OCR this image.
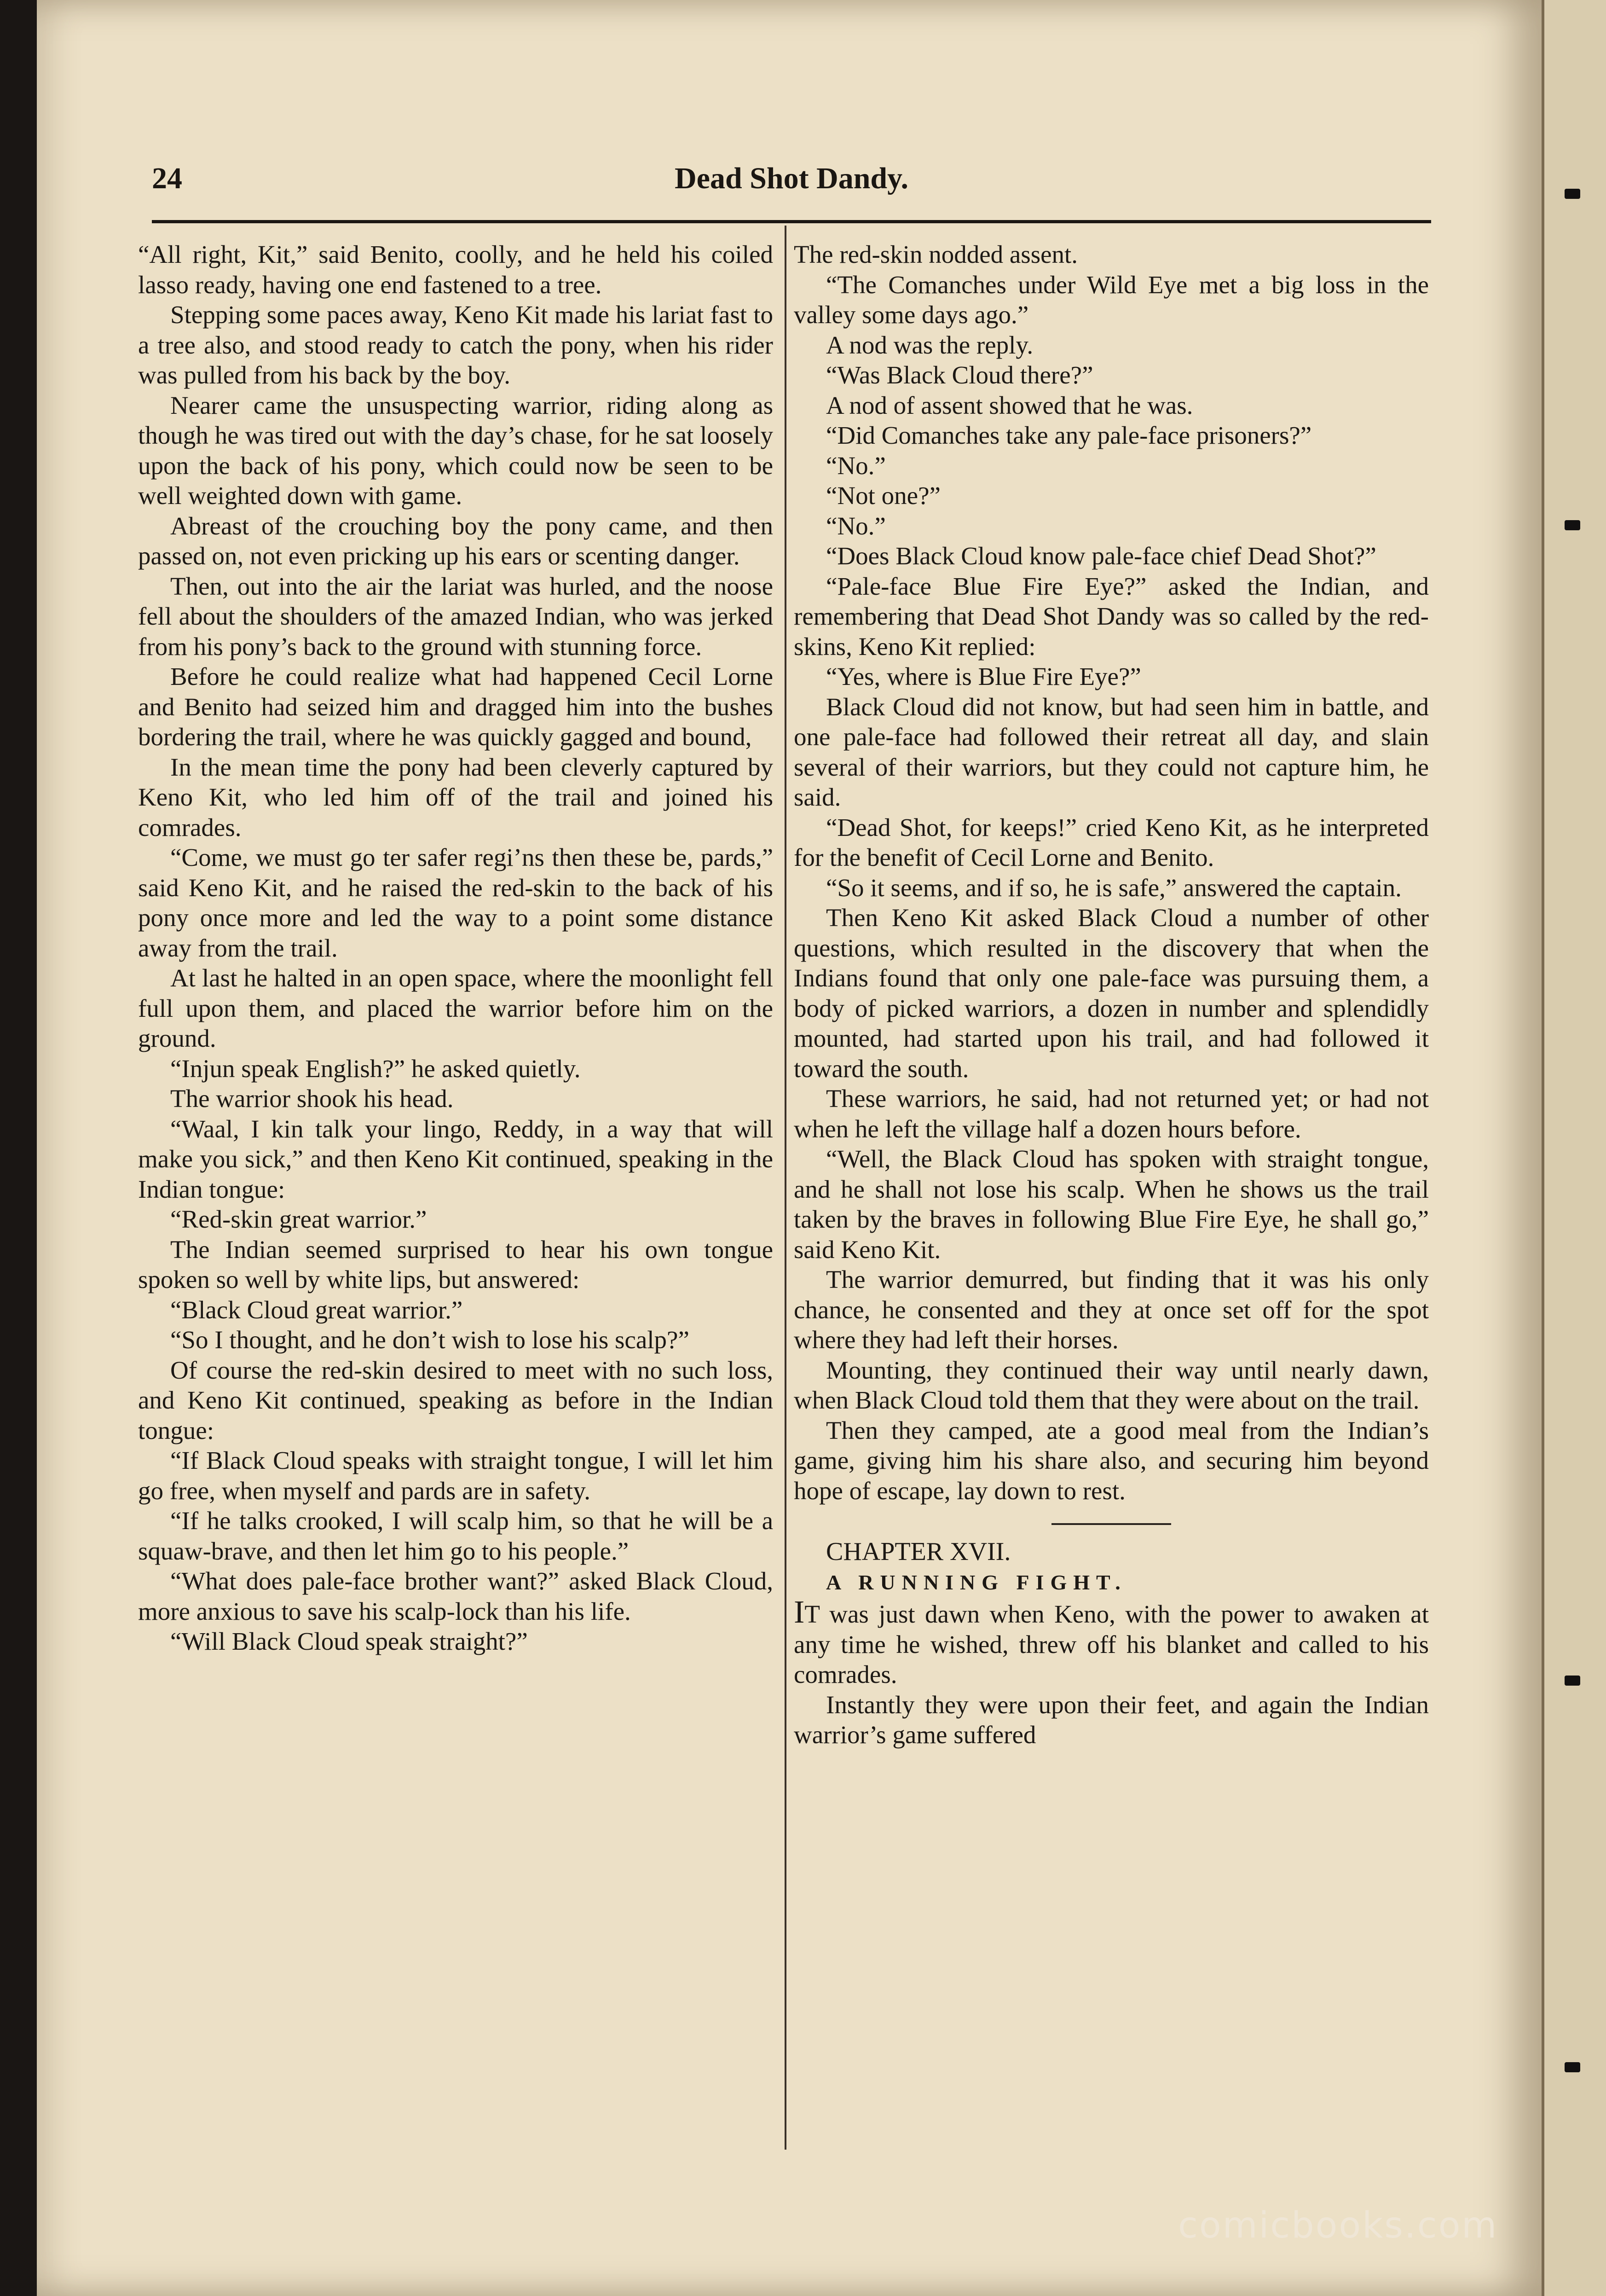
24	Dead Shot Dandy.

“All right, Kit,” said Benito, coolly, and he held his coiled lasso ready, having one end fastened to a tree.

Stepping some paces away, Keno Kit made his lariat fast to a tree also, and stood ready to catch the pony, when his rider was pulled from his back by the boy.

Nearer came the unsuspecting warrior, riding along as though he was tired out with the day’s chase, for he sat loosely upon the back of his pony, which could now be seen to be well weighted down with game.

Abreast of the crouching boy the pony came, and then passed on, not even pricking up his ears or scenting danger.

Then, out into the air the lariat was hurled, and the noose fell about the shoulders of the amazed Indian, who was jerked from his pony’s back to the ground with stunning force.

Before he could realize what had happened Cecil Lorne and Benito had seized him and dragged him into the bushes bordering the trail, where he was quickly gagged and bound,

In the mean time the pony had been cleverly captured by Keno Kit, who led him off of the trail and joined his comrades.

“Come, we must go ter safer regi’ns then these be, pards,” said Keno Kit, and he raised the red-skin to the back of his pony once more and led the way to a point some distance away from the trail.

At last he halted in an open space, where the moonlight fell full upon them, and placed the warrior before him on the ground.

“Injun speak English?” he asked quietly.

The warrior shook his head.

“Waal, I kin talk your lingo, Reddy, in a way that will make you sick,” and then Keno Kit continued, speaking in the Indian tongue:

“Red-skin great warrior.”

The Indian seemed surprised to hear his own tongue spoken so well by white lips, but answered:

“Black Cloud great warrior.”

“So I thought, and he don’t wish to lose his scalp?”

Of course the red-skin desired to meet with no such loss, and Keno Kit continued, speaking as before in the Indian tongue:

“If Black Cloud speaks with straight tongue, I will let him go free, when myself and pards are in safety.

“If he talks crooked, I will scalp him, so that he will be a squaw-brave, and then let him go to his people.”

“What does pale-face brother want?” asked Black Cloud, more anxious to save his scalp-lock than his life.

“Will Black Cloud speak straight?”

The red-skin nodded assent.

“The Comanches under Wild Eye met a big loss in the valley some days ago.”

A nod was the reply.

“Was Black Cloud there?”

A nod of assent showed that he was.

“Did Comanches take any pale-face prisoners?”

“No.”

“Not one?”

“No.”

“Does Black Cloud know pale-face chief Dead Shot?”

“Pale-face Blue Fire Eye?” asked the Indian, and remembering that Dead Shot Dandy was so called by the red-skins, Keno Kit replied:

“Yes, where is Blue Fire Eye?”

Black Cloud did not know, but had seen him in battle, and one pale-face had followed their retreat all day, and slain several of their warriors, but they could not capture him, he said.

“Dead Shot, for keeps!” cried Keno Kit, as he interpreted for the benefit of Cecil Lorne and Benito.

“So it seems, and if so, he is safe,” answered the captain.

Then Keno Kit asked Black Cloud a number of other questions, which resulted in the discovery that when the Indians found that only one pale-face was pursuing them, a body of picked warriors, a dozen in number and splendidly mounted, had started upon his trail, and had followed it toward the south.

These warriors, he said, had not returned yet; or had not when he left the village half a dozen hours before.

“Well, the Black Cloud has spoken with straight tongue, and he shall not lose his scalp. When he shows us the trail taken by the braves in following Blue Fire Eye, he shall go,” said Keno Kit.

The warrior demurred, but finding that it was his only chance, he consented and they at once set off for the spot where they had left their horses.

Mounting, they continued their way until nearly dawn, when Black Cloud told them that they were about on the trail.

Then they camped, ate a good meal from the Indian’s game, giving him his share also, and securing him beyond hope of escape, lay down to rest.

CHAPTER XVII.

A RUNNING FIGHT.

IT was just dawn when Keno, with the power to awaken at any time he wished, threw off his blanket and called to his comrades.

Instantly they were upon their feet, and again the Indian warrior’s game suffered

comicbooks.com
